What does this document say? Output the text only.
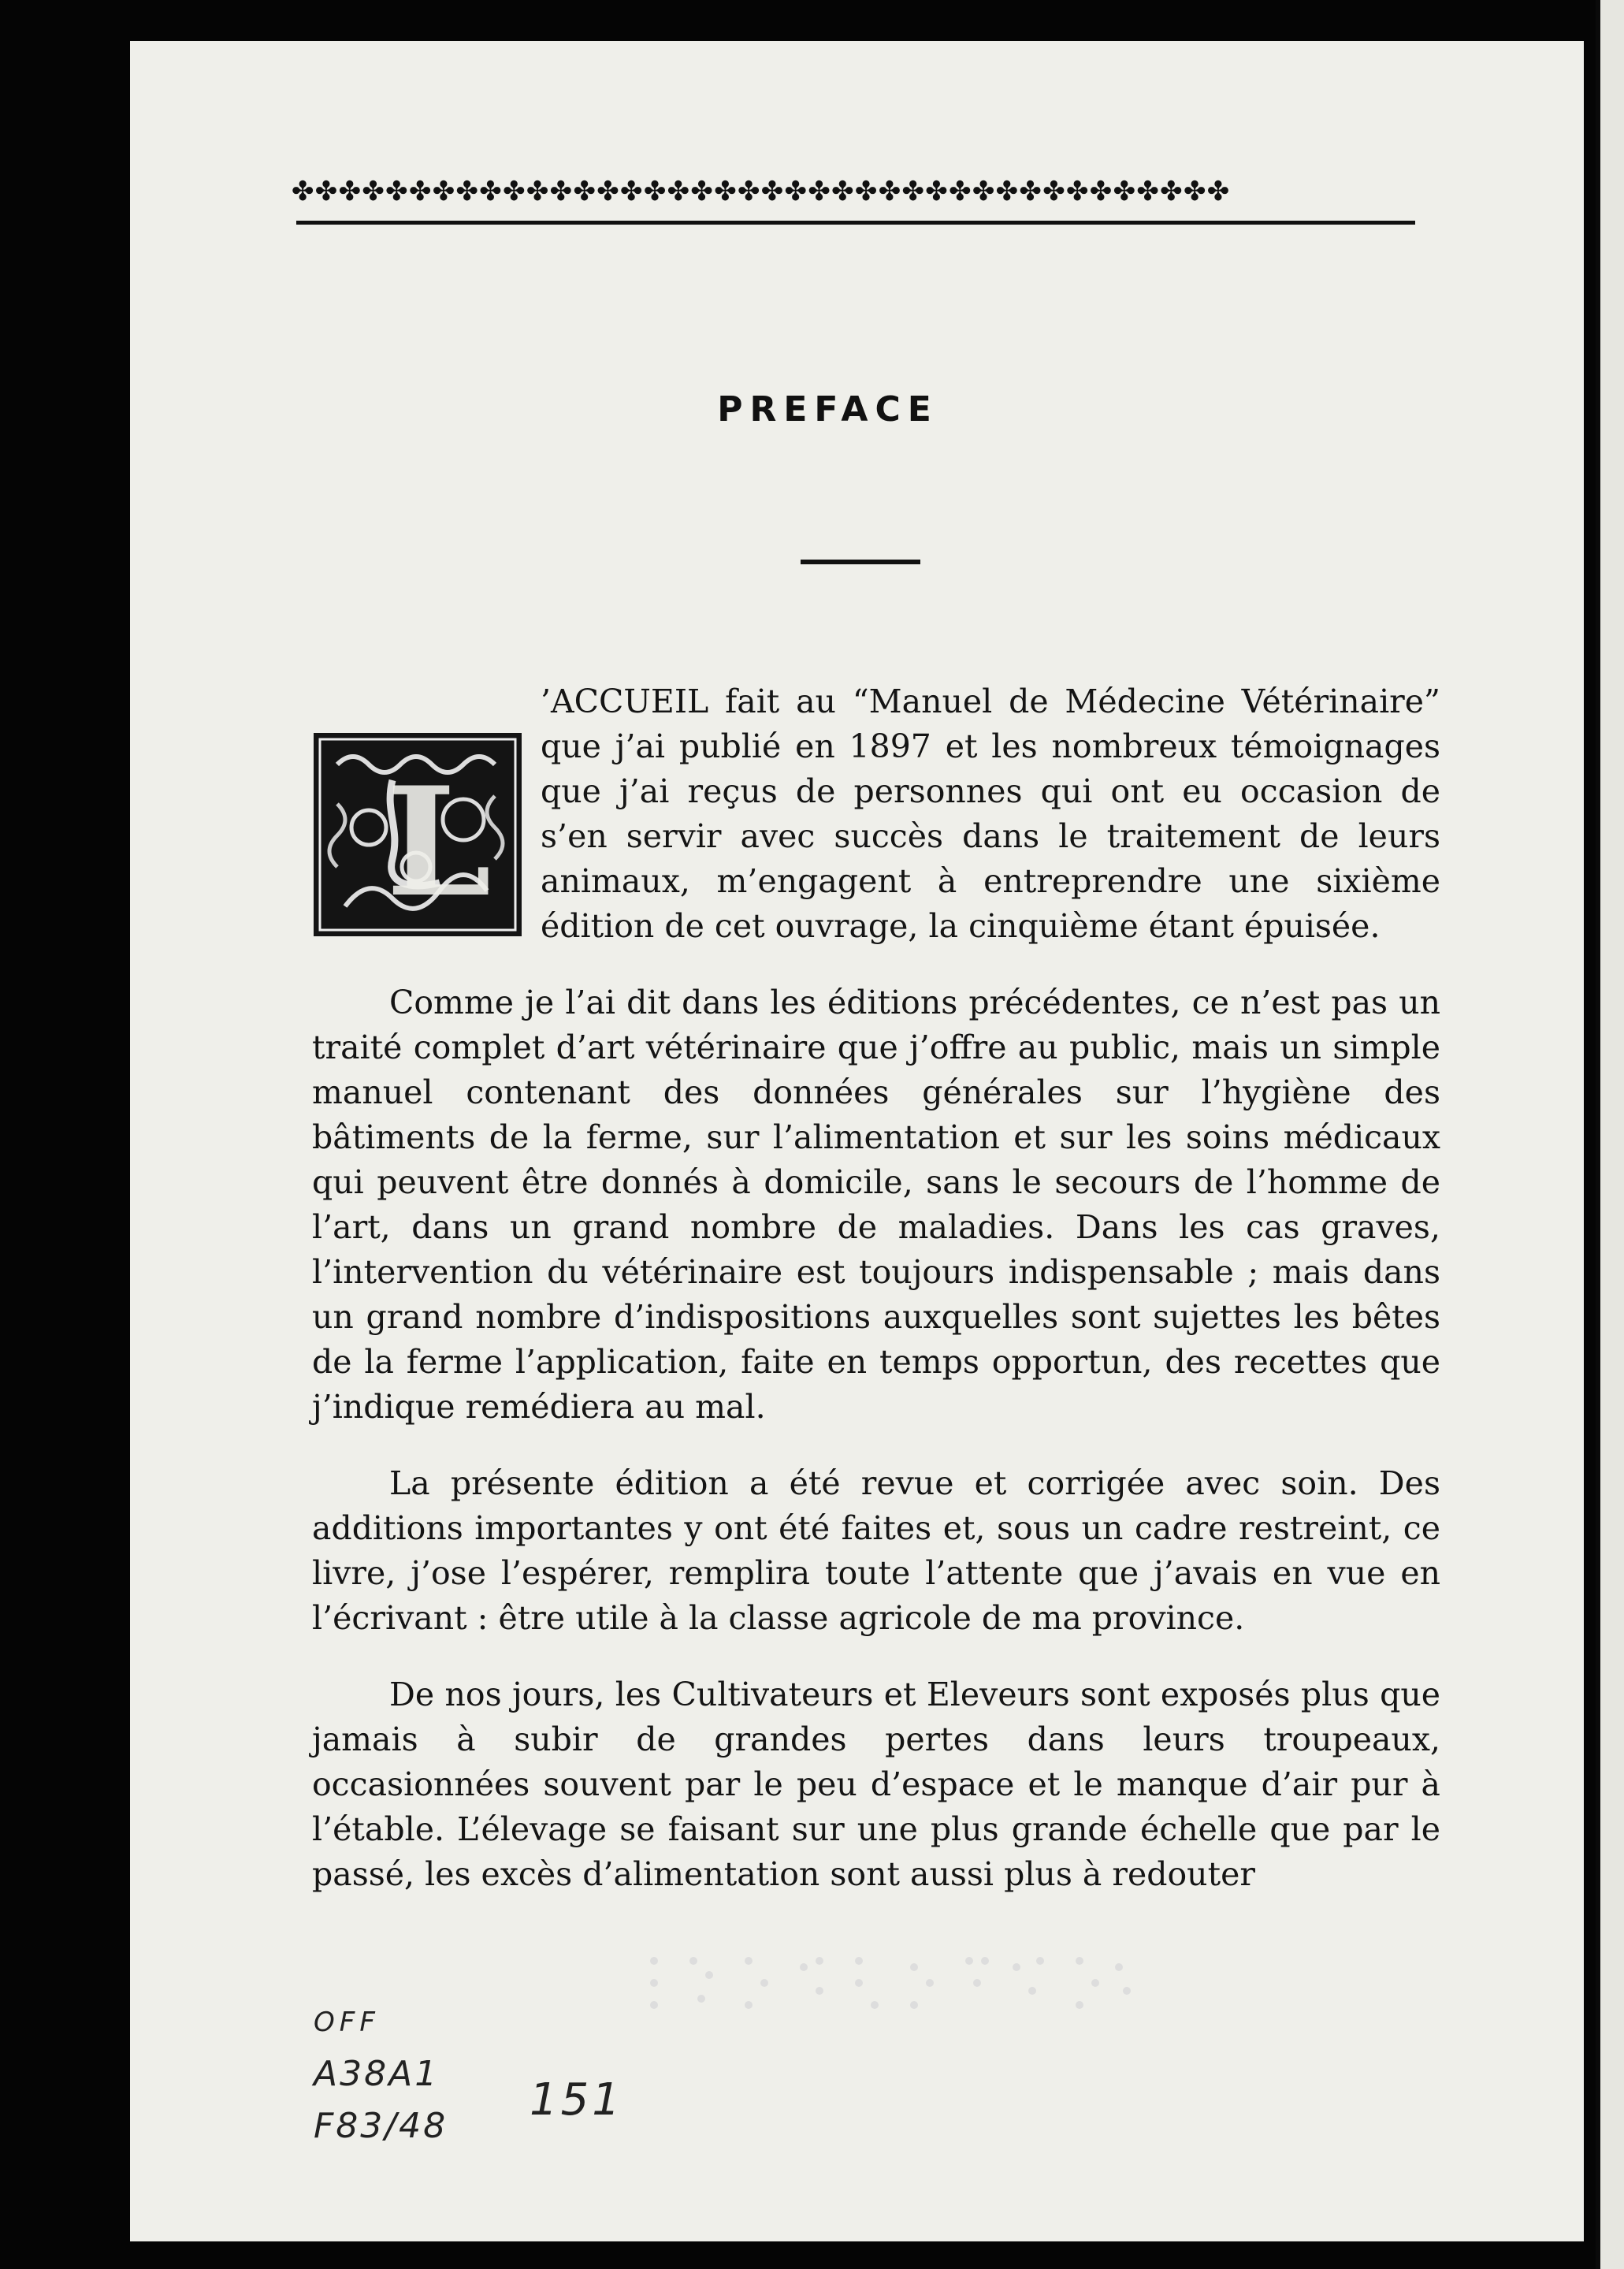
✤✤✤✤✤✤✤✤✤✤✤✤✤✤✤✤✤✤✤✤✤✤✤✤✤✤✤✤✤✤✤✤✤✤✤✤✤✤✤✤
PREFACE
L

’ACCUEIL fait au “Manuel de Médecine Vétérinaire” que j’ai publié en 1897 et les nombreux témoignages que j’ai reçus de personnes qui ont eu occasion de s’en servir avec succès dans le traitement de leurs animaux, m’engagent à entreprendre une sixième édition de cet ouvrage, la cinquième étant épuisée.

Comme je l’ai dit dans les éditions précédentes, ce n’est pas un traité complet d’art vétérinaire que j’offre au public, mais un simple manuel contenant des données générales sur l’hygiène des bâtiments de la ferme, sur l’alimentation et sur les soins médicaux qui peuvent être donnés à domicile, sans le secours de l’homme de l’art, dans un grand nombre de maladies. Dans les cas graves, l’intervention du vétérinaire est toujours indispensable ; mais dans un grand nombre d’indispositions auxquelles sont sujettes les bêtes de la ferme l’application, faite en temps opportun, des recettes que j’indique remédiera au mal.

La présente édition a été revue et corrigée avec soin. Des additions importantes y ont été faites et, sous un cadre restreint, ce livre, j’ose l’espérer, remplira toute l’attente que j’avais en vue en l’écrivant : être utile à la classe agricole de ma province.

De nos jours, les Cultivateurs et Eleveurs sont exposés plus que jamais à subir de grandes pertes dans leurs troupeaux, occasionnées souvent par le peu d’espace et le manque d’air pur à l’étable. L’élevage se faisant sur une plus grande échelle que par le passé, les excès d’alimentation sont aussi plus à redouter

OFF
A38A1
F83/48
151
